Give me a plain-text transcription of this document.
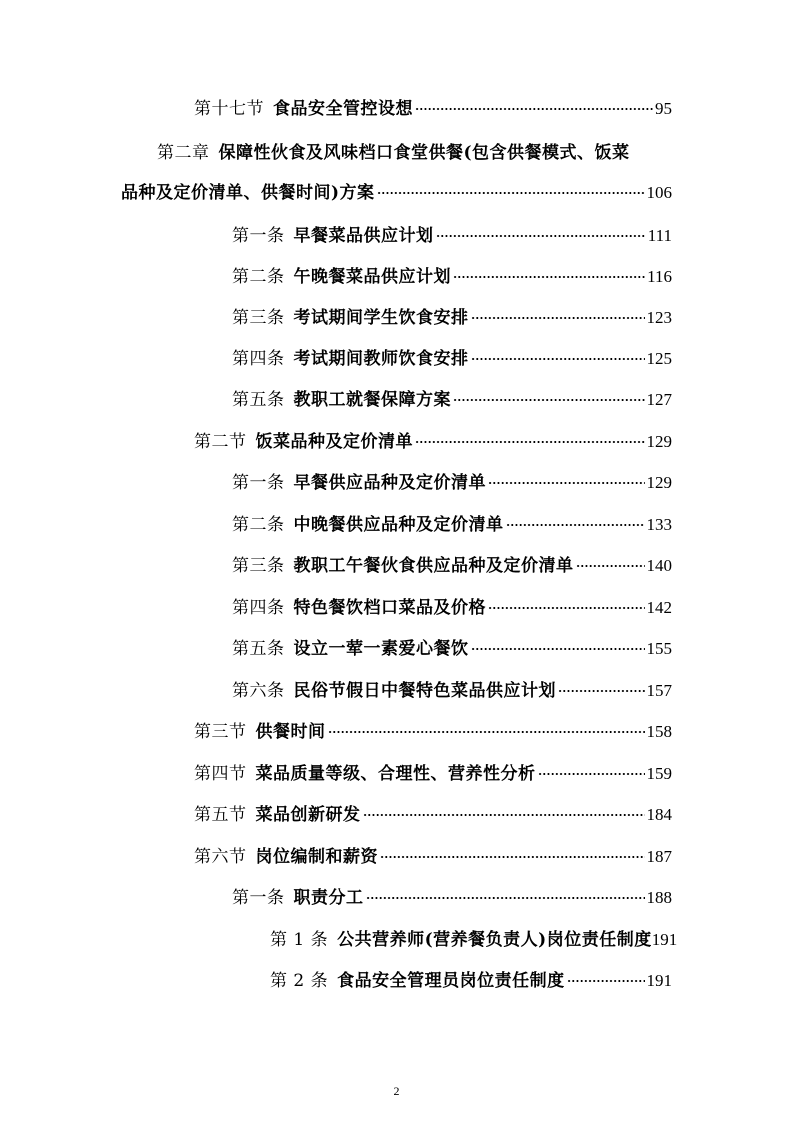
第十七节 食品安全管控设想	95
第二章 保障性伙食及风味档口食堂供餐(包含供餐模式、饭菜
品种及定价清单、供餐时间)方案	106
第一条 早餐菜品供应计划	111
第二条 午晚餐菜品供应计划	116
第三条 考试期间学生饮食安排	123
第四条 考试期间教师饮食安排	125
第五条 教职工就餐保障方案	127
第二节 饭菜品种及定价清单	129
第一条 早餐供应品种及定价清单	129
第二条 中晚餐供应品种及定价清单	133
第三条 教职工午餐伙食供应品种及定价清单	140
第四条 特色餐饮档口菜品及价格	142
第五条 设立一荤一素爱心餐饮	155
第六条 民俗节假日中餐特色菜品供应计划	157
第三节 供餐时间	158
第四节 菜品质量等级、合理性、营养性分析	159
第五节 菜品创新研发	184
第六节 岗位编制和薪资	187
第一条 职责分工	188
第 1 条 公共营养师(营养餐负责人)岗位责任制度 191
第 2 条 食品安全管理员岗位责任制度	191
2
